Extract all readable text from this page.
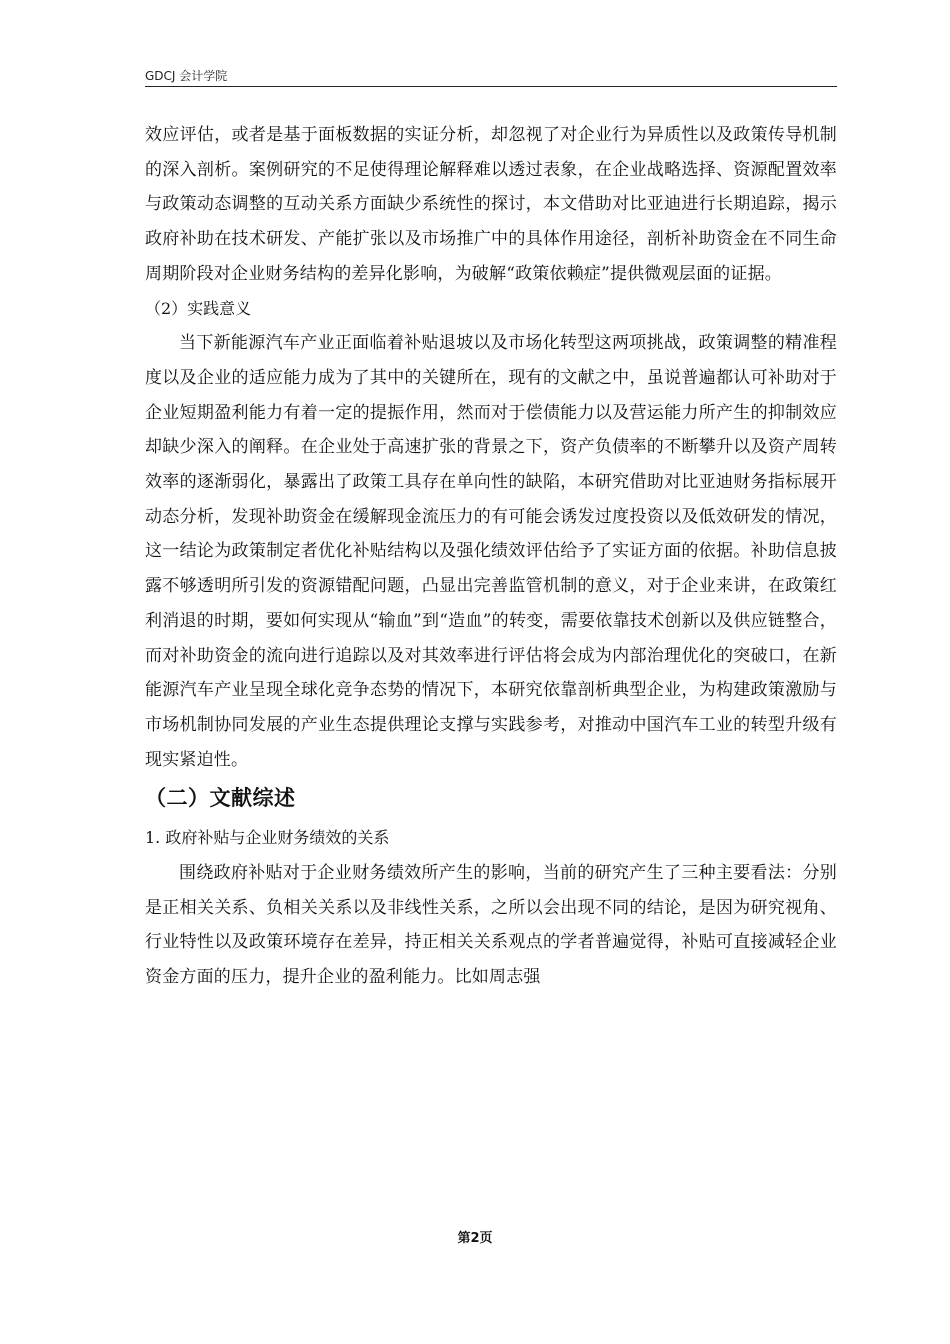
GDCJ 会计学院

效应评估，或者是基于面板数据的实证分析，却忽视了对企业行为异质性以及政策传导机制的深入剖析。案例研究的不足使得理论解释难以透过表象，在企业战略选择、资源配置效率与政策动态调整的互动关系方面缺少系统性的探讨，本文借助对比亚迪进行长期追踪，揭示政府补助在技术研发、产能扩张以及市场推广中的具体作用途径，剖析补助资金在不同生命周期阶段对企业财务结构的差异化影响，为破解“政策依赖症”提供微观层面的证据。

（2）实践意义

当下新能源汽车产业正面临着补贴退坡以及市场化转型这两项挑战，政策调整的精准程度以及企业的适应能力成为了其中的关键所在，现有的文献之中，虽说普遍都认可补助对于企业短期盈利能力有着一定的提振作用，然而对于偿债能力以及营运能力所产生的抑制效应却缺少深入的阐释。在企业处于高速扩张的背景之下，资产负债率的不断攀升以及资产周转效率的逐渐弱化，暴露出了政策工具存在单向性的缺陷，本研究借助对比亚迪财务指标展开动态分析，发现补助资金在缓解现金流压力的有可能会诱发过度投资以及低效研发的情况，这一结论为政策制定者优化补贴结构以及强化绩效评估给予了实证方面的依据。补助信息披露不够透明所引发的资源错配问题，凸显出完善监管机制的意义，对于企业来讲，在政策红利消退的时期，要如何实现从“输血”到“造血”的转变，需要依靠技术创新以及供应链整合，而对补助资金的流向进行追踪以及对其效率进行评估将会成为内部治理优化的突破口，在新能源汽车产业呈现全球化竞争态势的情况下，本研究依靠剖析典型企业，为构建政策激励与市场机制协同发展的产业生态提供理论支撑与实践参考，对推动中国汽车工业的转型升级有现实紧迫性。

（二）文献综述

1. 政府补贴与企业财务绩效的关系

围绕政府补贴对于企业财务绩效所产生的影响，当前的研究产生了三种主要看法：分别是正相关关系、负相关关系以及非线性关系，之所以会出现不同的结论，是因为研究视角、行业特性以及政策环境存在差异，持正相关关系观点的学者普遍觉得，补贴可直接减轻企业资金方面的压力，提升企业的盈利能力。比如周志强

第2页
